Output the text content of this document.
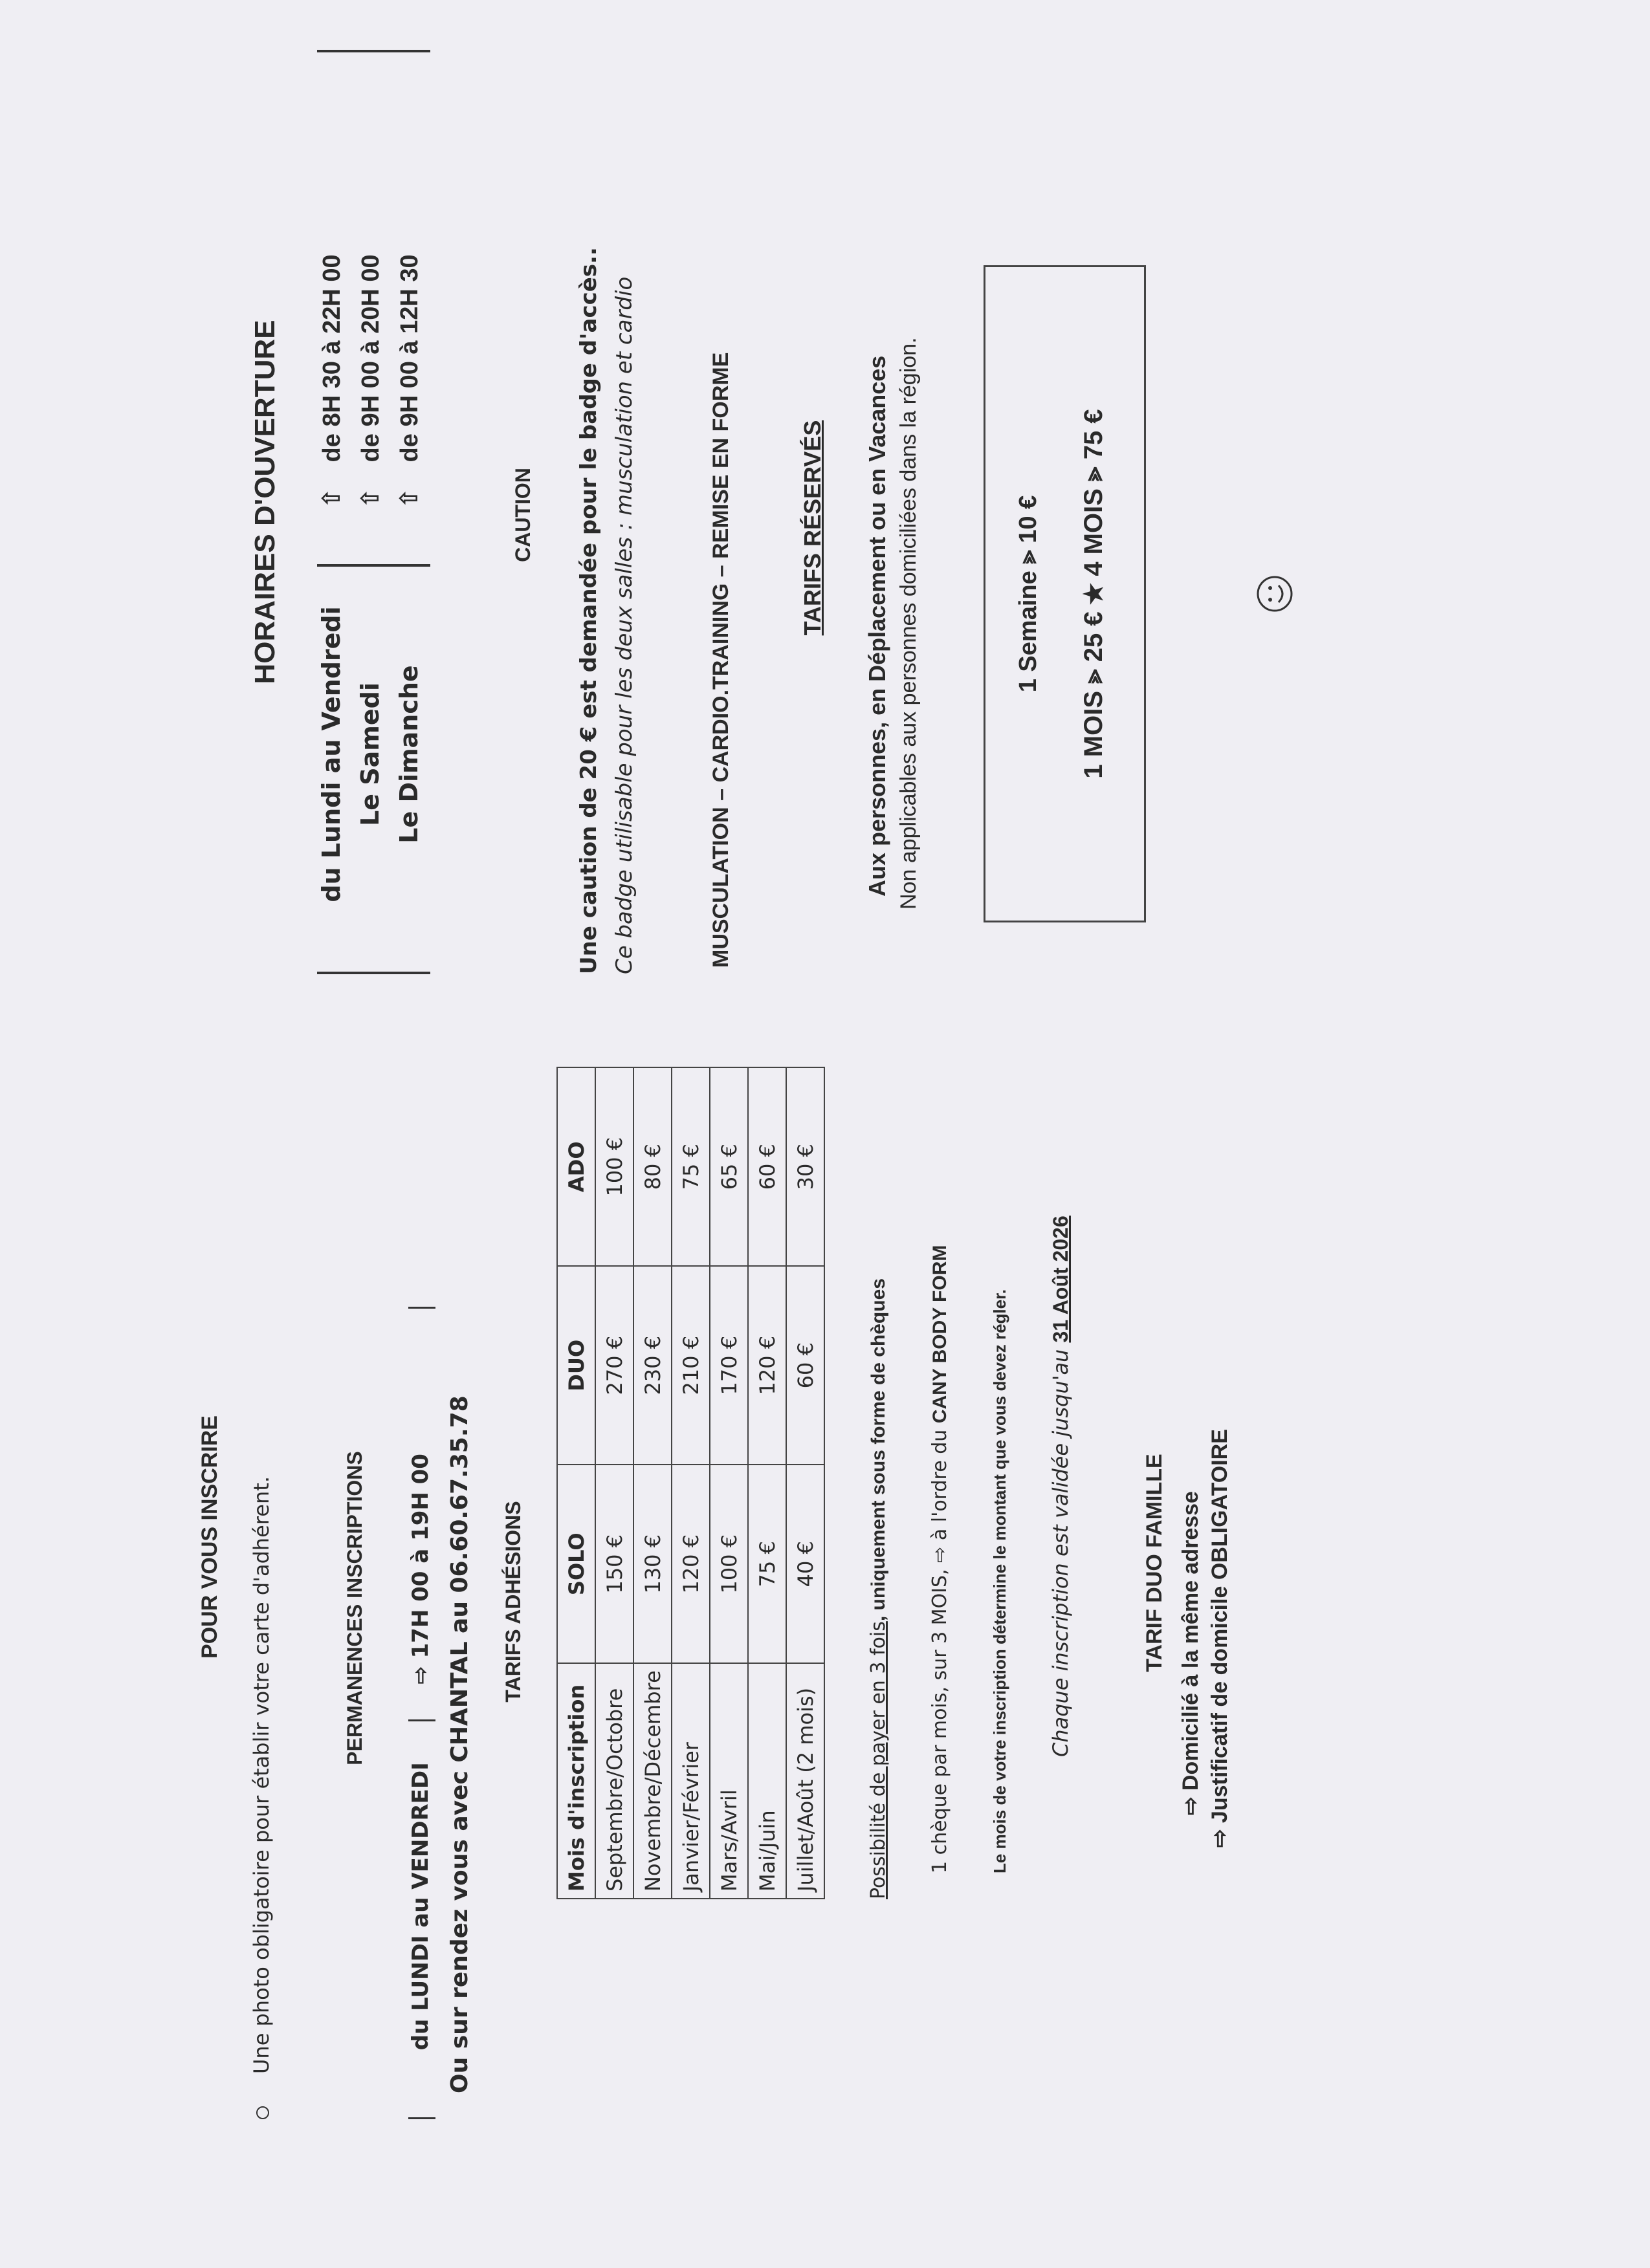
POUR VOUS INSCRIRE Une photo obligatoire pour établir votre carte d'adhérent.	PERMANENCES INSCRIPTIONS
du LUNDI au VENDREDI    ⇨ 17H 00 à 19H 00 Ou sur rendez vous avec CHANTAL au 06.60.67.35.78 TARIFS ADHÉSIONS
Mois d'inscription	SOLO	DUO	ADO
Septembre/Octobre	150 €	270 €	100 €
Novembre/Décembre	130 €	230 €	80 €
Janvier/Février	120 €	210 €	75 €
Mars/Avril	100 €	170 €	65 €
Mai/Juin	75 €	120 €	60 €
Juillet/Août (2 mois)	40 €	60 €	30 €
Possibilité de payer en 3 fois, uniquement sous forme de chèques 1 chèque par mois, sur 3 MOIS, ⇨ à l'ordre du CANY BODY FORM Le mois de votre inscription détermine le montant que vous devez régler. Chaque inscription est validée jusqu'au 31 Août 2026
TARIF DUO FAMILLE ⇨ Domicilié à la même adresse ⇨ Justificatif de domicile OBLIGATOIRE
HORAIRES D'OUVERTURE
du Lundi au Vendredi
⇧   de 8H 30 à 22H 00
Le Samedi
⇧   de 9H 00 à 20H 00
Le Dimanche
⇧   de 9H 00 à 12H 30
CAUTION Une caution de 20 € est demandée pour le badge d'accès.. Ce badge utilisable pour les deux salles : musculation et cardio	MUSCULATION – CARDIO.TRAINING – REMISE EN FORME	TARIFS RÉSERVÉS Aux personnes, en Déplacement ou en Vacances Non applicables aux personnes domiciliées dans la région.	1 Semaine ⪢ 10 € 1 MOIS ⪢ 25 € ★ 4 MOIS ⪢ 75 €
